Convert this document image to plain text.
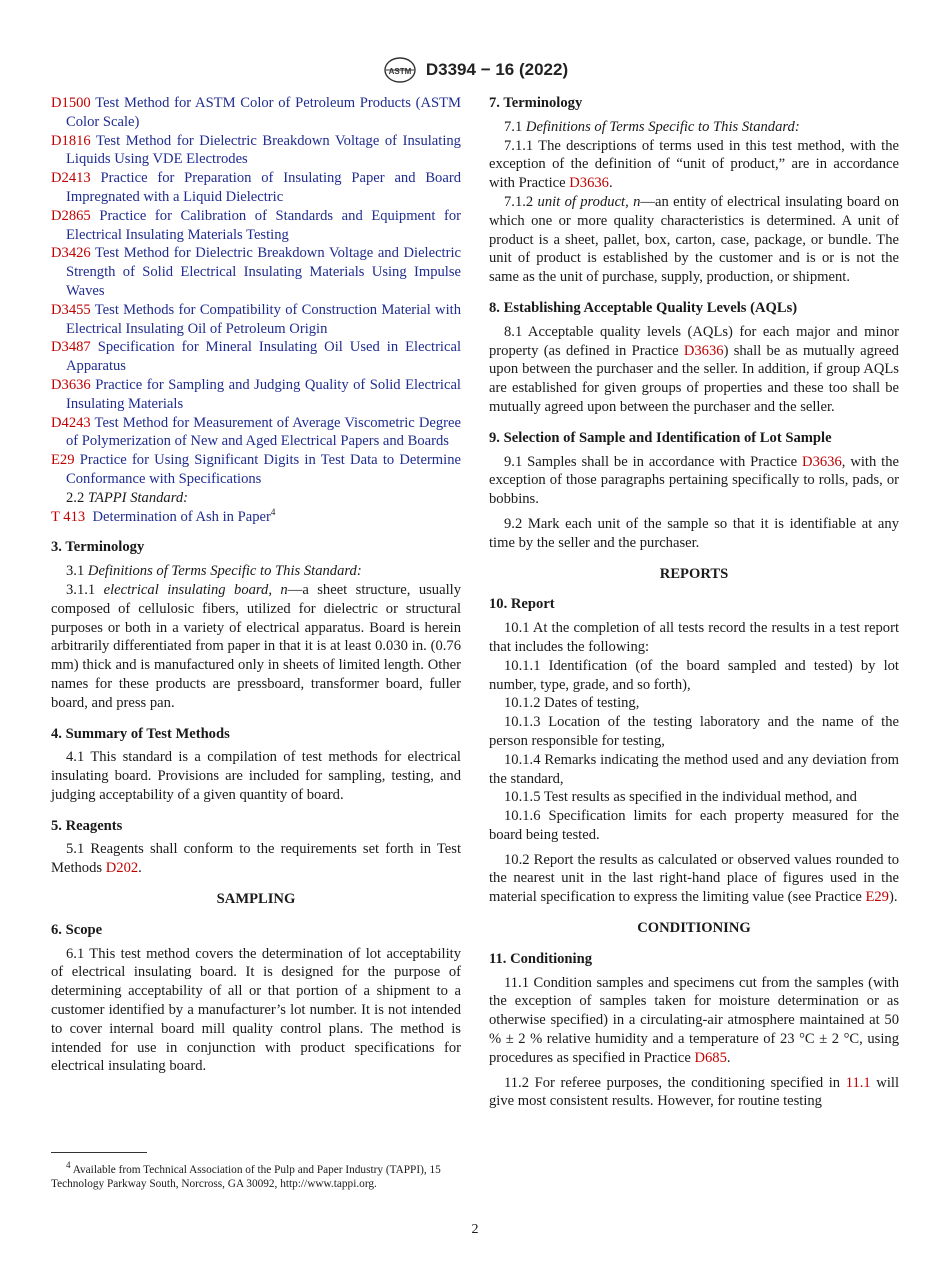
ASTM D3394 − 16 (2022)

D1500 Test Method for ASTM Color of Petroleum Products (ASTM Color Scale)

D1816 Test Method for Dielectric Breakdown Voltage of Insulating Liquids Using VDE Electrodes

D2413 Practice for Preparation of Insulating Paper and Board Impregnated with a Liquid Dielectric

D2865 Practice for Calibration of Standards and Equipment for Electrical Insulating Materials Testing

D3426 Test Method for Dielectric Breakdown Voltage and Dielectric Strength of Solid Electrical Insulating Materials Using Impulse Waves

D3455 Test Methods for Compatibility of Construction Material with Electrical Insulating Oil of Petroleum Origin

D3487 Specification for Mineral Insulating Oil Used in Electrical Apparatus

D3636 Practice for Sampling and Judging Quality of Solid Electrical Insulating Materials

D4243 Test Method for Measurement of Average Viscometric Degree of Polymerization of New and Aged Electrical Papers and Boards

E29 Practice for Using Significant Digits in Test Data to Determine Conformance with Specifications

2.2 TAPPI Standard:

T 413 Determination of Ash in Paper$^4$

3. Terminology

3.1 Definitions of Terms Specific to This Standard:

3.1.1 electrical insulating board, n—a sheet structure, usually composed of cellulosic fibers, utilized for dielectric or structural purposes or both in a variety of electrical apparatus. Board is herein arbitrarily differentiated from paper in that it is at least 0.030 in. (0.76 mm) thick and is manufactured only in sheets of limited length. Other names for these products are pressboard, transformer board, fuller board, and press pan.

4. Summary of Test Methods

4.1 This standard is a compilation of test methods for electrical insulating board. Provisions are included for sampling, testing, and judging acceptability of a given quantity of board.

5. Reagents

5.1 Reagents shall conform to the requirements set forth in Test Methods D202.

SAMPLING

6. Scope

6.1 This test method covers the determination of lot acceptability of electrical insulating board. It is designed for the purpose of determining acceptability of all or that portion of a shipment to a customer identified by a manufacturer’s lot number. It is not intended to cover internal board mill quality control plans. The method is intended for use in conjunction with product specifications for electrical insulating board.

$^4$ Available from Technical Association of the Pulp and Paper Industry (TAPPI), 15 Technology Parkway South, Norcross, GA 30092, http://www.tappi.org.

7. Terminology

7.1 Definitions of Terms Specific to This Standard:

7.1.1 The descriptions of terms used in this test method, with the exception of the definition of “unit of product,” are in accordance with Practice D3636.

7.1.2 unit of product, n—an entity of electrical insulating board on which one or more quality characteristics is determined. A unit of product is a sheet, pallet, box, carton, case, package, or bundle. The unit of product is established by the customer and is or is not the same as the unit of purchase, supply, production, or shipment.

8. Establishing Acceptable Quality Levels (AQLs)

8.1 Acceptable quality levels (AQLs) for each major and minor property (as defined in Practice D3636) shall be as mutually agreed upon between the purchaser and the seller. In addition, if group AQLs are established for given groups of properties and these too shall be mutually agreed upon between the purchaser and the seller.

9. Selection of Sample and Identification of Lot Sample

9.1 Samples shall be in accordance with Practice D3636, with the exception of those paragraphs pertaining specifically to rolls, pads, or bobbins.

9.2 Mark each unit of the sample so that it is identifiable at any time by the seller and the purchaser.

REPORTS

10. Report

10.1 At the completion of all tests record the results in a test report that includes the following:

10.1.1 Identification (of the board sampled and tested) by lot number, type, grade, and so forth),

10.1.2 Dates of testing,

10.1.3 Location of the testing laboratory and the name of the person responsible for testing,

10.1.4 Remarks indicating the method used and any deviation from the standard,

10.1.5 Test results as specified in the individual method, and

10.1.6 Specification limits for each property measured for the board being tested.

10.2 Report the results as calculated or observed values rounded to the nearest unit in the last right-hand place of figures used in the material specification to express the limiting value (see Practice E29).

CONDITIONING

11. Conditioning

11.1 Condition samples and specimens cut from the samples (with the exception of samples taken for moisture determination or as otherwise specified) in a circulating-air atmosphere maintained at 50 % ± 2 % relative humidity and a temperature of 23 °C ± 2 °C, using procedures as specified in Practice D685.

11.2 For referee purposes, the conditioning specified in 11.1 will give most consistent results. However, for routine testing

2
